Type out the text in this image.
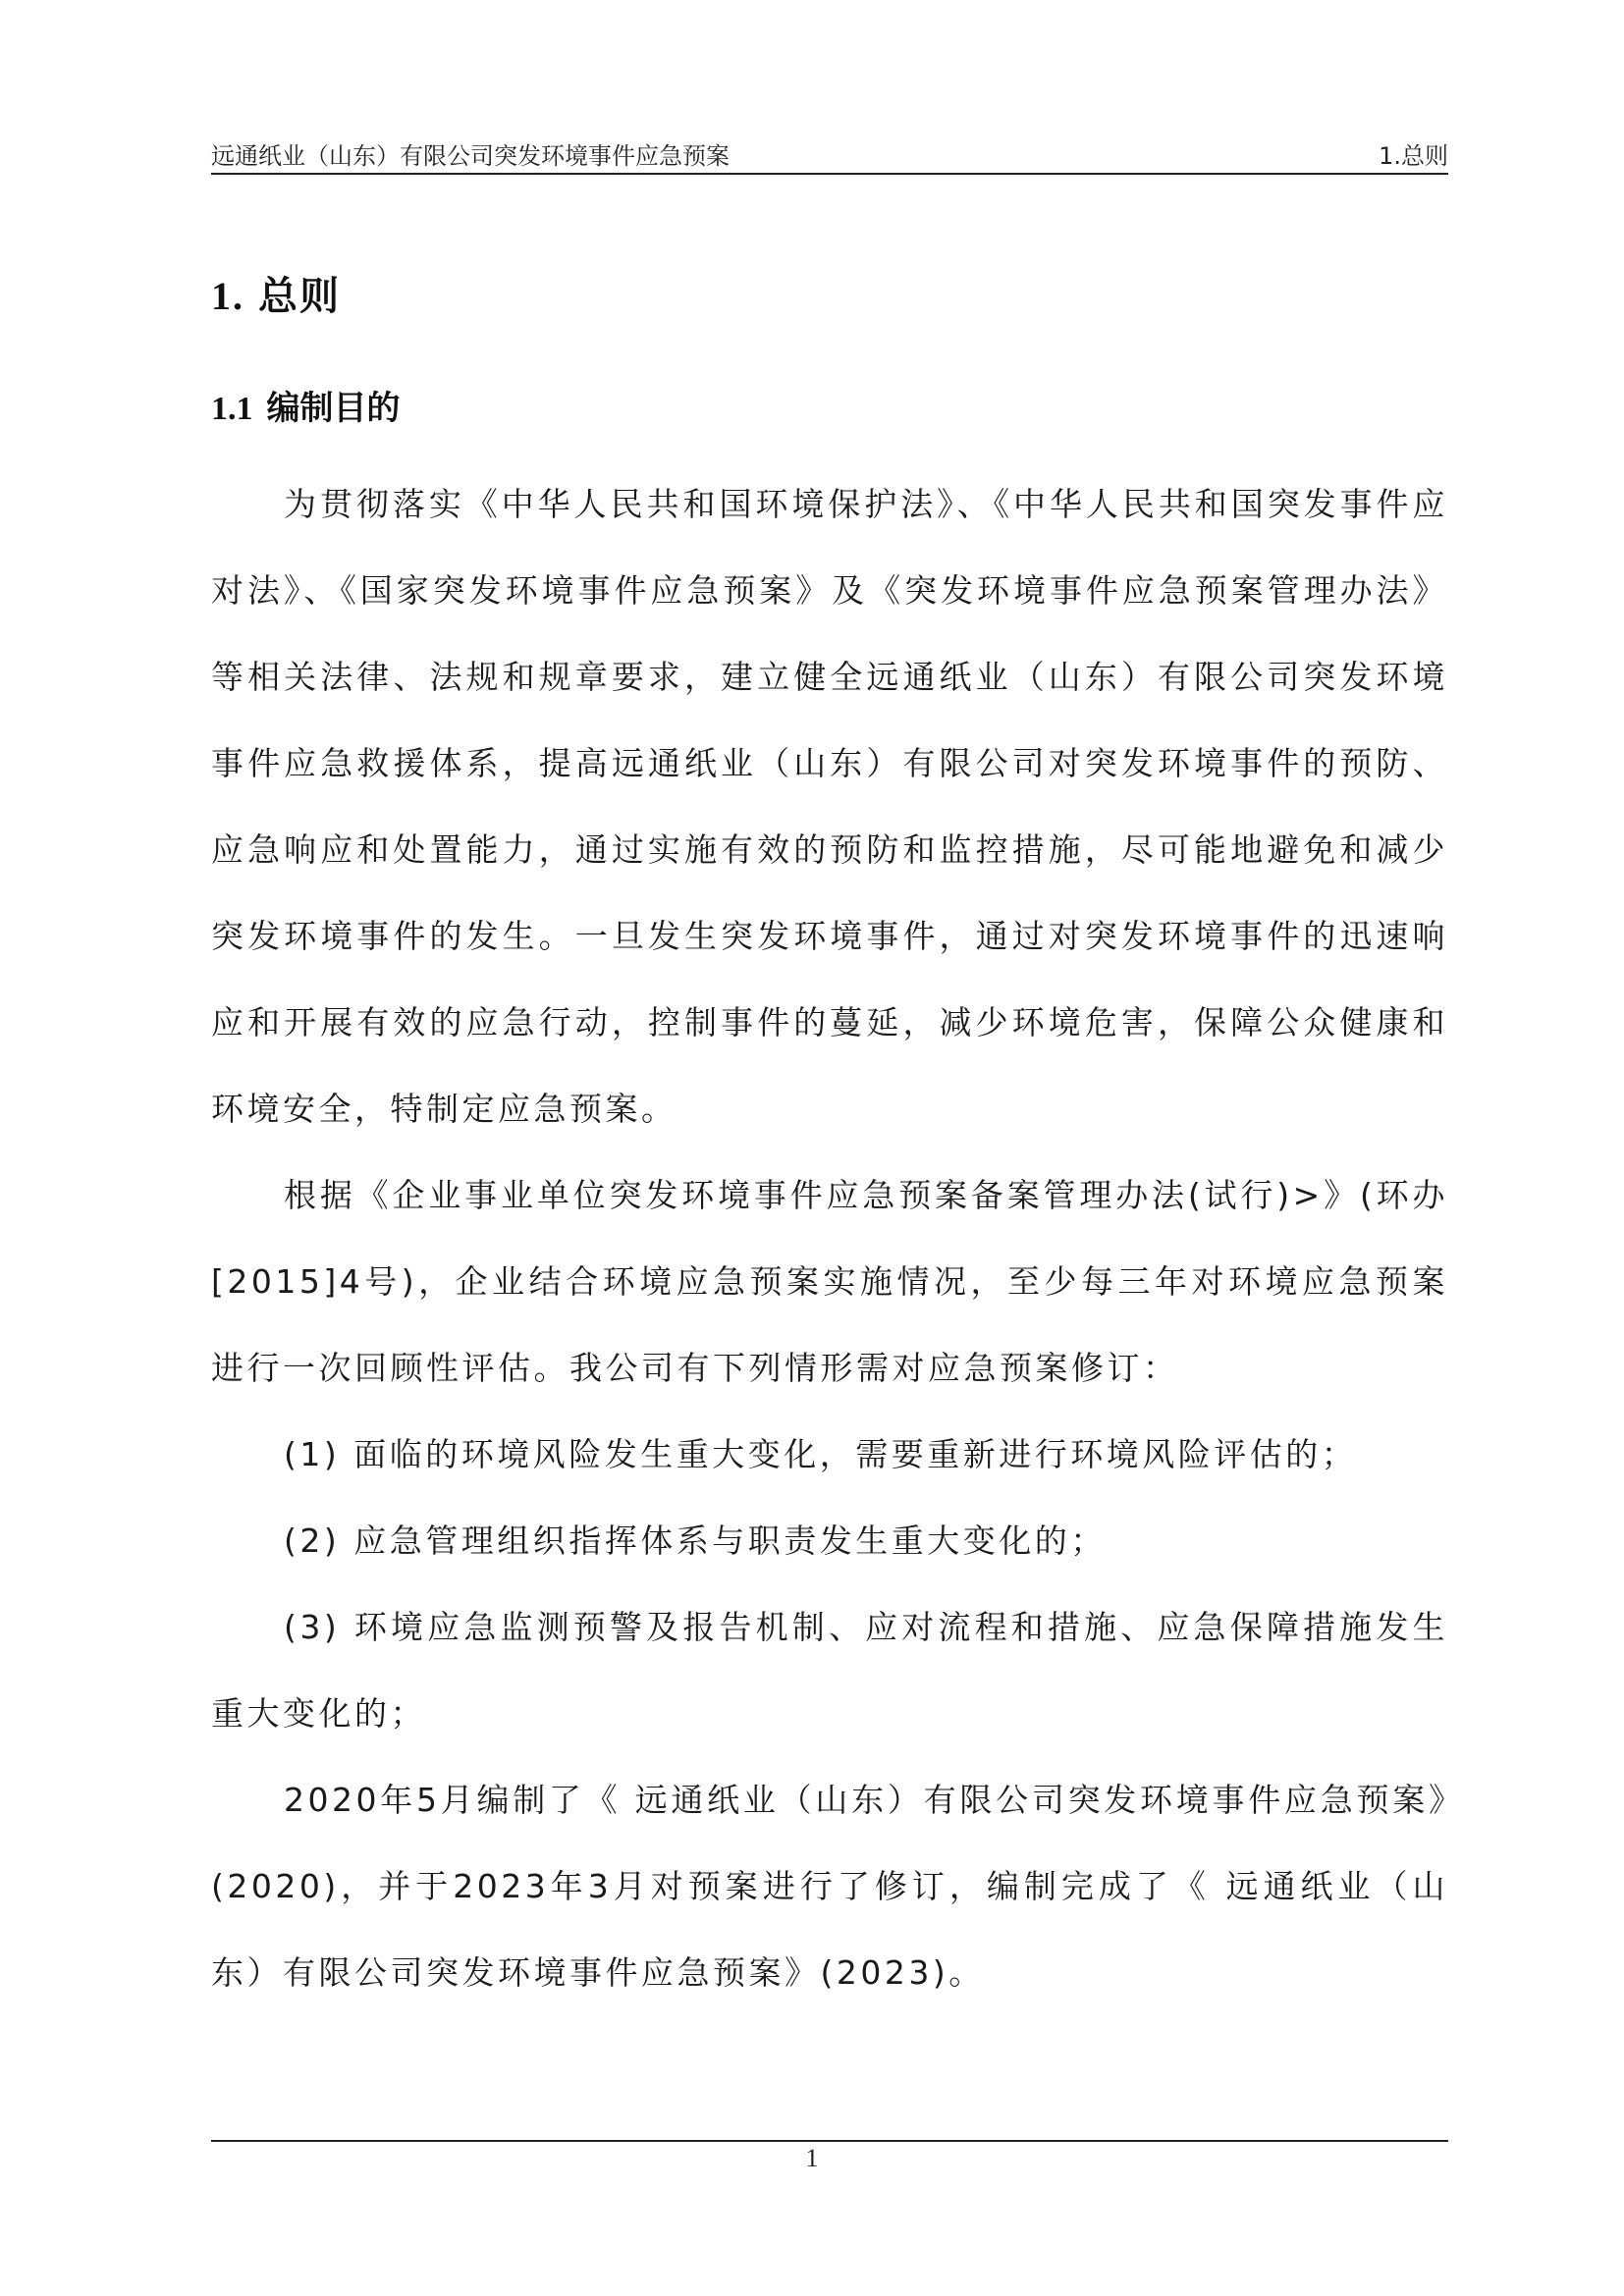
远通纸业（山东）有限公司突发环境事件应急预案	1.总则
1. 总则
1.1 编制目的

为贯彻落实《中华人民共和国环境保护法》、《中华人民共和国突发事件应对法》、《国家突发环境事件应急预案》及《突发环境事件应急预案管理办法》等相关法律、法规和规章要求，建立健全远通纸业（山东）有限公司突发环境事件应急救援体系，提高远通纸业（山东）有限公司对突发环境事件的预防、应急响应和处置能力，通过实施有效的预防和监控措施，尽可能地避免和减少突发环境事件的发生。一旦发生突发环境事件，通过对突发环境事件的迅速响应和开展有效的应急行动，控制事件的蔓延，减少环境危害，保障公众健康和环境安全，特制定应急预案。

根据《企业事业单位突发环境事件应急预案备案管理办法(试行)>》(环办[2015]4号)，企业结合环境应急预案实施情况，至少每三年对环境应急预案进行一次回顾性评估。我公司有下列情形需对应急预案修订：

(1) 面临的环境风险发生重大变化，需要重新进行环境风险评估的；

(2) 应急管理组织指挥体系与职责发生重大变化的；

(3) 环境应急监测预警及报告机制、应对流程和措施、应急保障措施发生重大变化的；

2020年5月编制了《 远通纸业（山东）有限公司突发环境事件应急预案》(2020)，并于2023年3月对预案进行了修订，编制完成了《 远通纸业（山东）有限公司突发环境事件应急预案》(2023)。

1
